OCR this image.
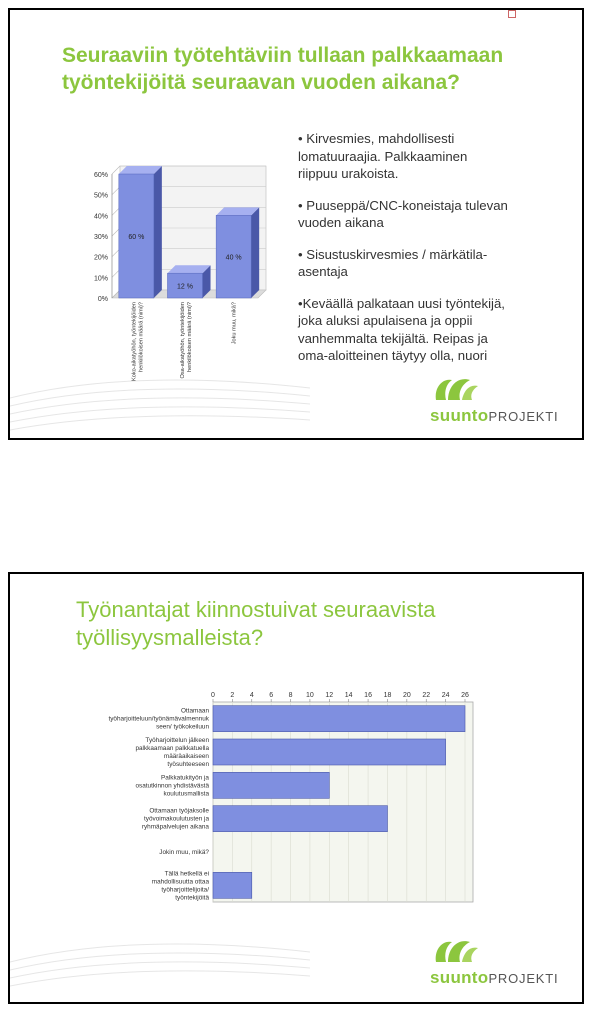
Seuraaviin työtehtäviin tullaan palkkaamaan työntekijöitä seuraavan vuoden aikana?
0%
10%
20%
30%
40%
50%
60%
60 %
Koko-aikatyöhön, työntekijöidenhenkilökoisen määrä (nimi)?
12 %
Osa-aikatyöhön, työntekijöidenhenkilökoisen määrä (nimi)?
40 %
Joku muu, mikä?

• Kirvesmies, mahdollisesti lomatuuraajia. Palkkaaminen riippuu urakoista.

• Puuseppä/CNC-koneistaja tulevan vuoden aikana

• Sisustuskirvesmies / märkätila-asentaja

•Keväällä palkataan uusi työntekijä, joka aluksi apulaisena ja oppii vanhemmalta tekijältä. Reipas ja oma-aloitteinen täytyy olla, nuori

suuntoPROJEKTI
Työnantajat kiinnostuivat seuraavista työllisyysmalleista?
0 2 4 6 8 10 12 14 16 18 20 22 24 26
Ottamaan työharjoitteluun/työnämävalmennuk seen/ työkokeiluun
Työharjoittelun jälkeen palkkaamaan palkkatuella määräaikaiseen työsuhteeseen
Palkkatukityön ja osatutkinnon yhdistävästä koulutusmallista
Ottamaan työjaksolle työvoimakoulutusten ja ryhmäpalvelujen aikana
Jokin muu, mikä?
Tällä hetkellä ei mahdollisuutta ottaa työharjoittelijoita/ työntekijöitä
suuntoPROJEKTI
